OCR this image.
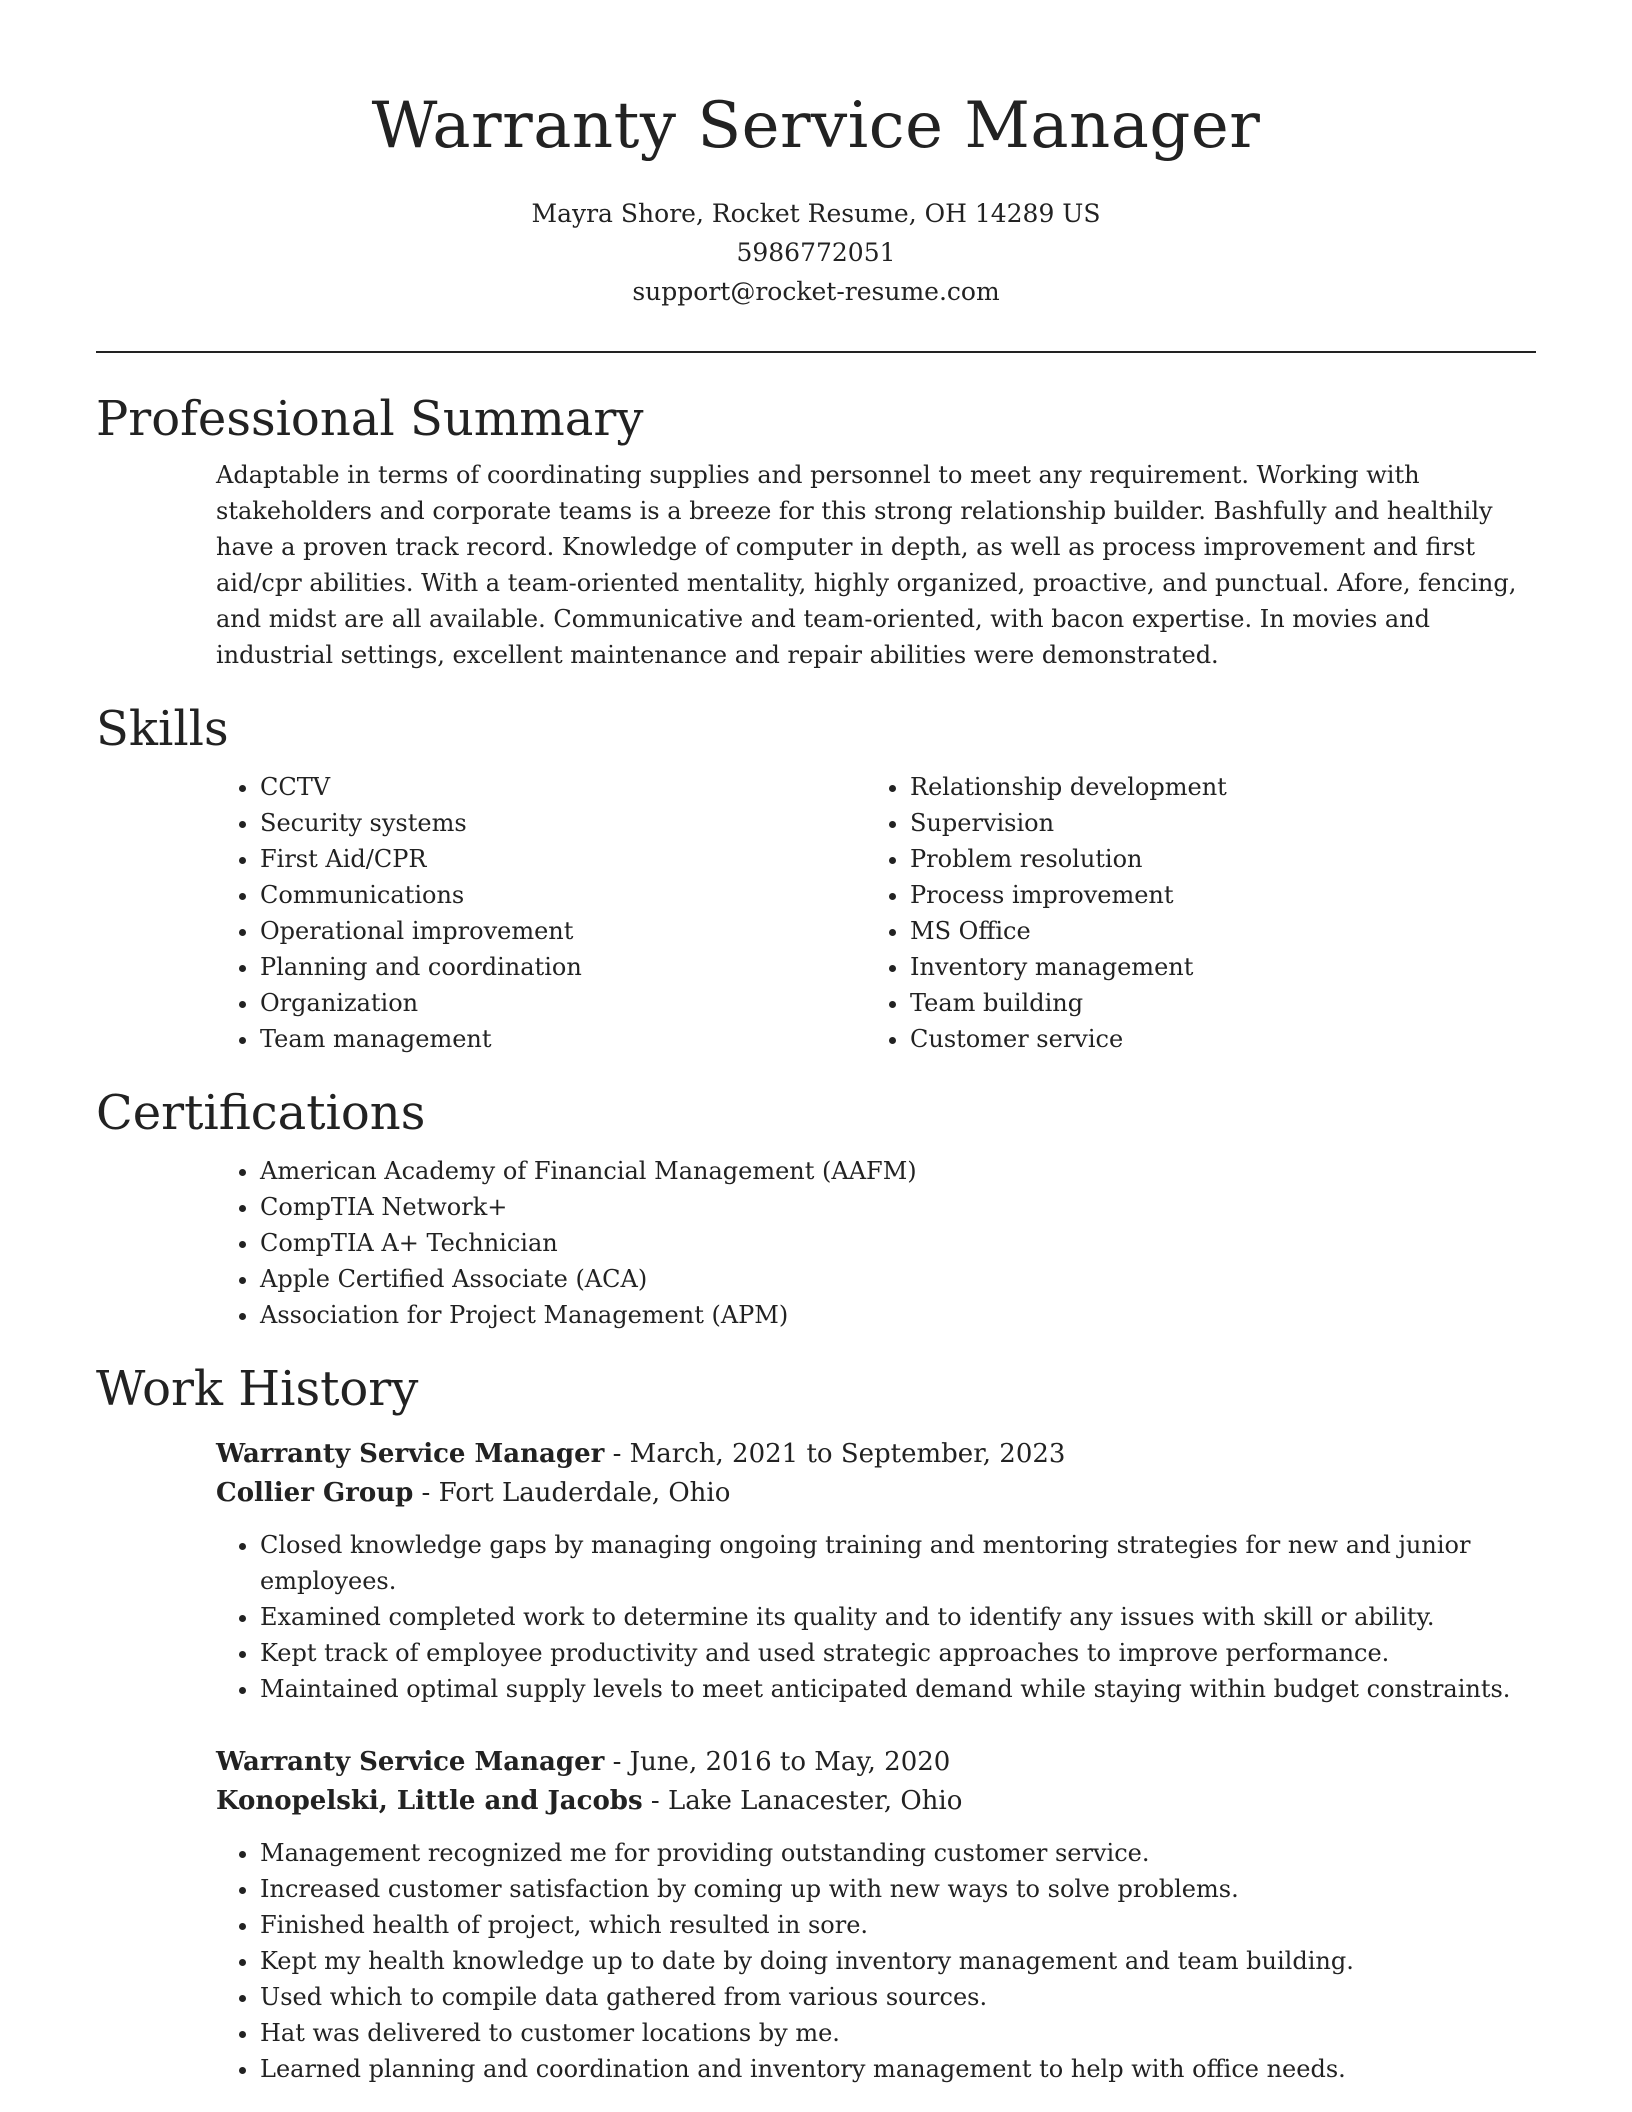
Warranty Service Manager
Mayra Shore, Rocket Resume, OH 14289 US
5986772051
support@rocket-resume.com
Professional Summary

Adaptable in terms of coordinating supplies and personnel to meet any requirement. Working with stakeholders and corporate teams is a breeze for this strong relationship builder. Bashfully and healthily have a proven track record. Knowledge of computer in depth, as well as process improvement and first aid/cpr abilities. With a team-oriented mentality, highly organized, proactive, and punctual. Afore, fencing, and midst are all available. Communicative and team-oriented, with bacon expertise. In movies and industrial settings, excellent maintenance and repair abilities were demonstrated.

Skills
• CCTV
• Security systems
• First Aid/CPR
• Communications
• Operational improvement
• Planning and coordination
• Organization
• Team management
• Relationship development
• Supervision
• Problem resolution
• Process improvement
• MS Office
• Inventory management
• Team building
• Customer service
Certifications
• American Academy of Financial Management (AAFM)
• CompTIA Network+
• CompTIA A+ Technician
• Apple Certified Associate (ACA)
• Association for Project Management (APM)
Work History
Warranty Service Manager - March, 2021 to September, 2023
Collier Group - Fort Lauderdale, Ohio
• Closed knowledge gaps by managing ongoing training and mentoring strategies for new and junior employees.
• Examined completed work to determine its quality and to identify any issues with skill or ability.
• Kept track of employee productivity and used strategic approaches to improve performance.
• Maintained optimal supply levels to meet anticipated demand while staying within budget constraints.
Warranty Service Manager - June, 2016 to May, 2020
Konopelski, Little and Jacobs - Lake Lanacester, Ohio
• Management recognized me for providing outstanding customer service.
• Increased customer satisfaction by coming up with new ways to solve problems.
• Finished health of project, which resulted in sore.
• Kept my health knowledge up to date by doing inventory management and team building.
• Used which to compile data gathered from various sources.
• Hat was delivered to customer locations by me.
• Learned planning and coordination and inventory management to help with office needs.
